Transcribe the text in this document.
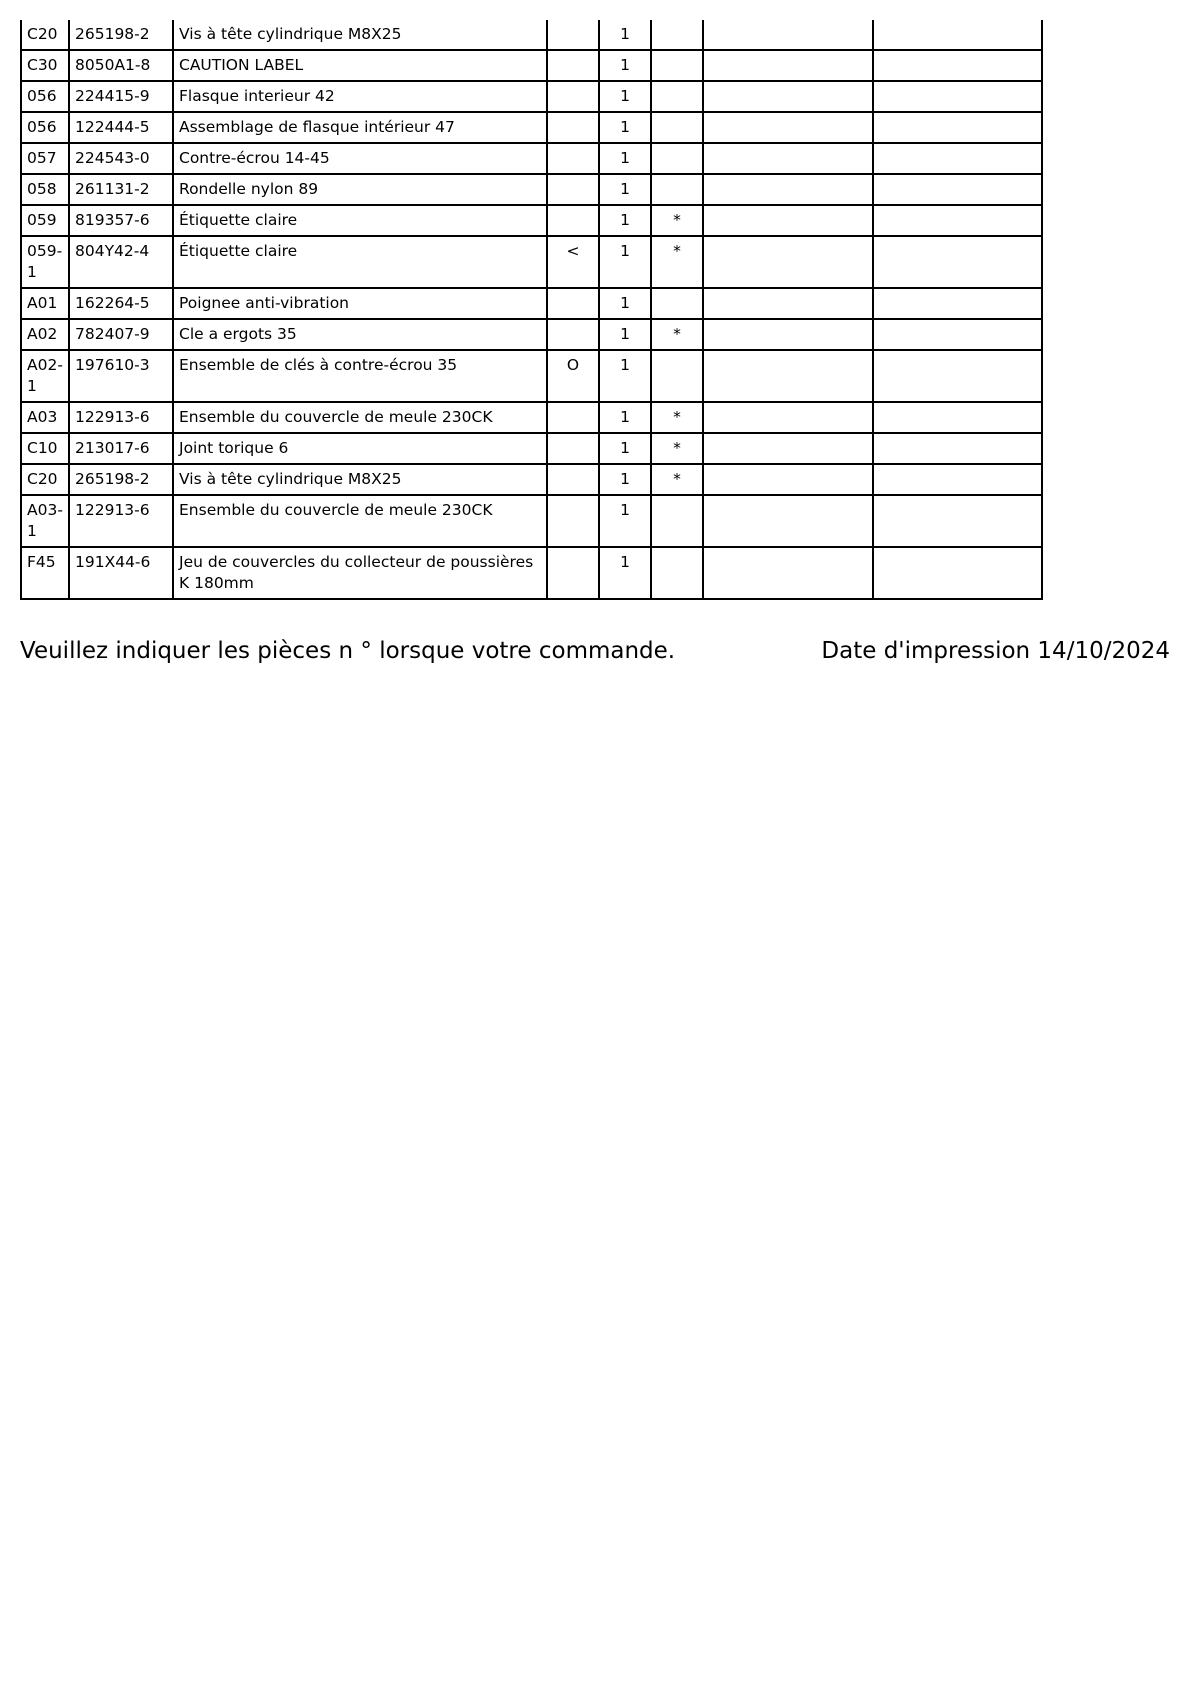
C20	265198-2	Vis à tête cylindrique M8X25		1			
C30	8050A1-8	CAUTION LABEL		1			
056	224415-9	Flasque interieur 42		1			
056	122444-5	Assemblage de flasque intérieur 47		1			
057	224543-0	Contre-écrou 14-45		1			
058	261131-2	Rondelle nylon 89		1			
059	819357-6	Étiquette claire		1	*		
059-1	804Y42-4	Étiquette claire	<	1	*		
A01	162264-5	Poignee anti-vibration		1			
A02	782407-9	Cle a ergots 35		1	*		
A02-1	197610-3	Ensemble de clés à contre-écrou 35	O	1			
A03	122913-6	Ensemble du couvercle de meule 230CK		1	*		
C10	213017-6	Joint torique 6		1	*		
C20	265198-2	Vis à tête cylindrique M8X25		1	*		
A03-1	122913-6	Ensemble du couvercle de meule 230CK		1			
F45	191X44-6	Jeu de couvercles du collecteur de poussières K 180mm		1			
Veuillez indiquer les pièces n ° lorsque votre commande.	Date d'impression 14/10/2024
